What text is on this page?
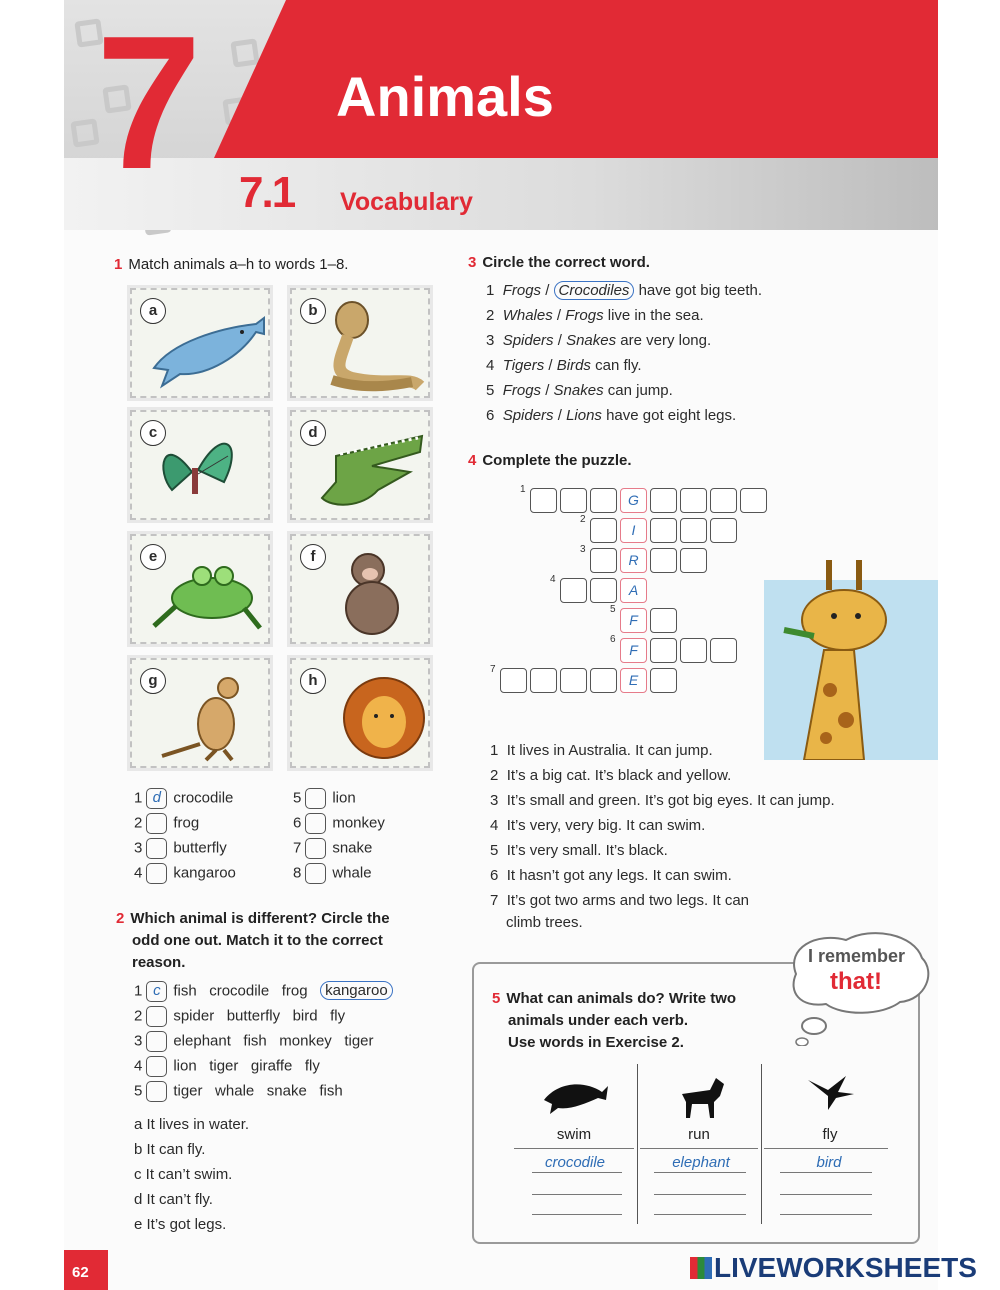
7	Animals
7.1 Vocabulary
1 Match animals a–h to words 1–8.
a	b
c	d
e	f
g	h
1 d crocodile
2 frog
3 butterfly
4 kangaroo
5 lion
6 monkey
7 snake
8 whale
2 Which animal is different? Circle the
odd one out. Match it to the correct
reason.
1 c fish crocodile frog kangaroo
2 spider butterfly bird fly
3 elephant fish monkey tiger
4 lion tiger giraffe fly
5 tiger whale snake fish
a It lives in water.
b It can fly.
c It can’t swim.
d It can’t fly.
e It’s got legs.
3 Circle the correct word.
1 Frogs / Crocodiles have got big teeth.
2 Whales / Frogs live in the sea.
3 Spiders / Snakes are very long.
4 Tigers / Birds can fly.
5 Frogs / Snakes can jump.
6 Spiders / Lions have got eight legs.
4 Complete the puzzle.
1
G
2
I
3
R
4
A
5
F
6
F
7
E
1 It lives in Australia. It can jump.
2 It’s a big cat. It’s black and yellow.
3 It’s small and green. It’s got big eyes. It can jump.
4 It’s very, very big. It can swim.
5 It’s very small. It’s black.
6 It hasn’t got any legs. It can swim.
7 It’s got two arms and two legs. It can
climb trees.
5 What can animals do? Write two
animals under each verb.
Use words in Exercise 2.
swim	run	fly
crocodile	elephant	bird
I remember
that!
62	LIVEWORKSHEETS
